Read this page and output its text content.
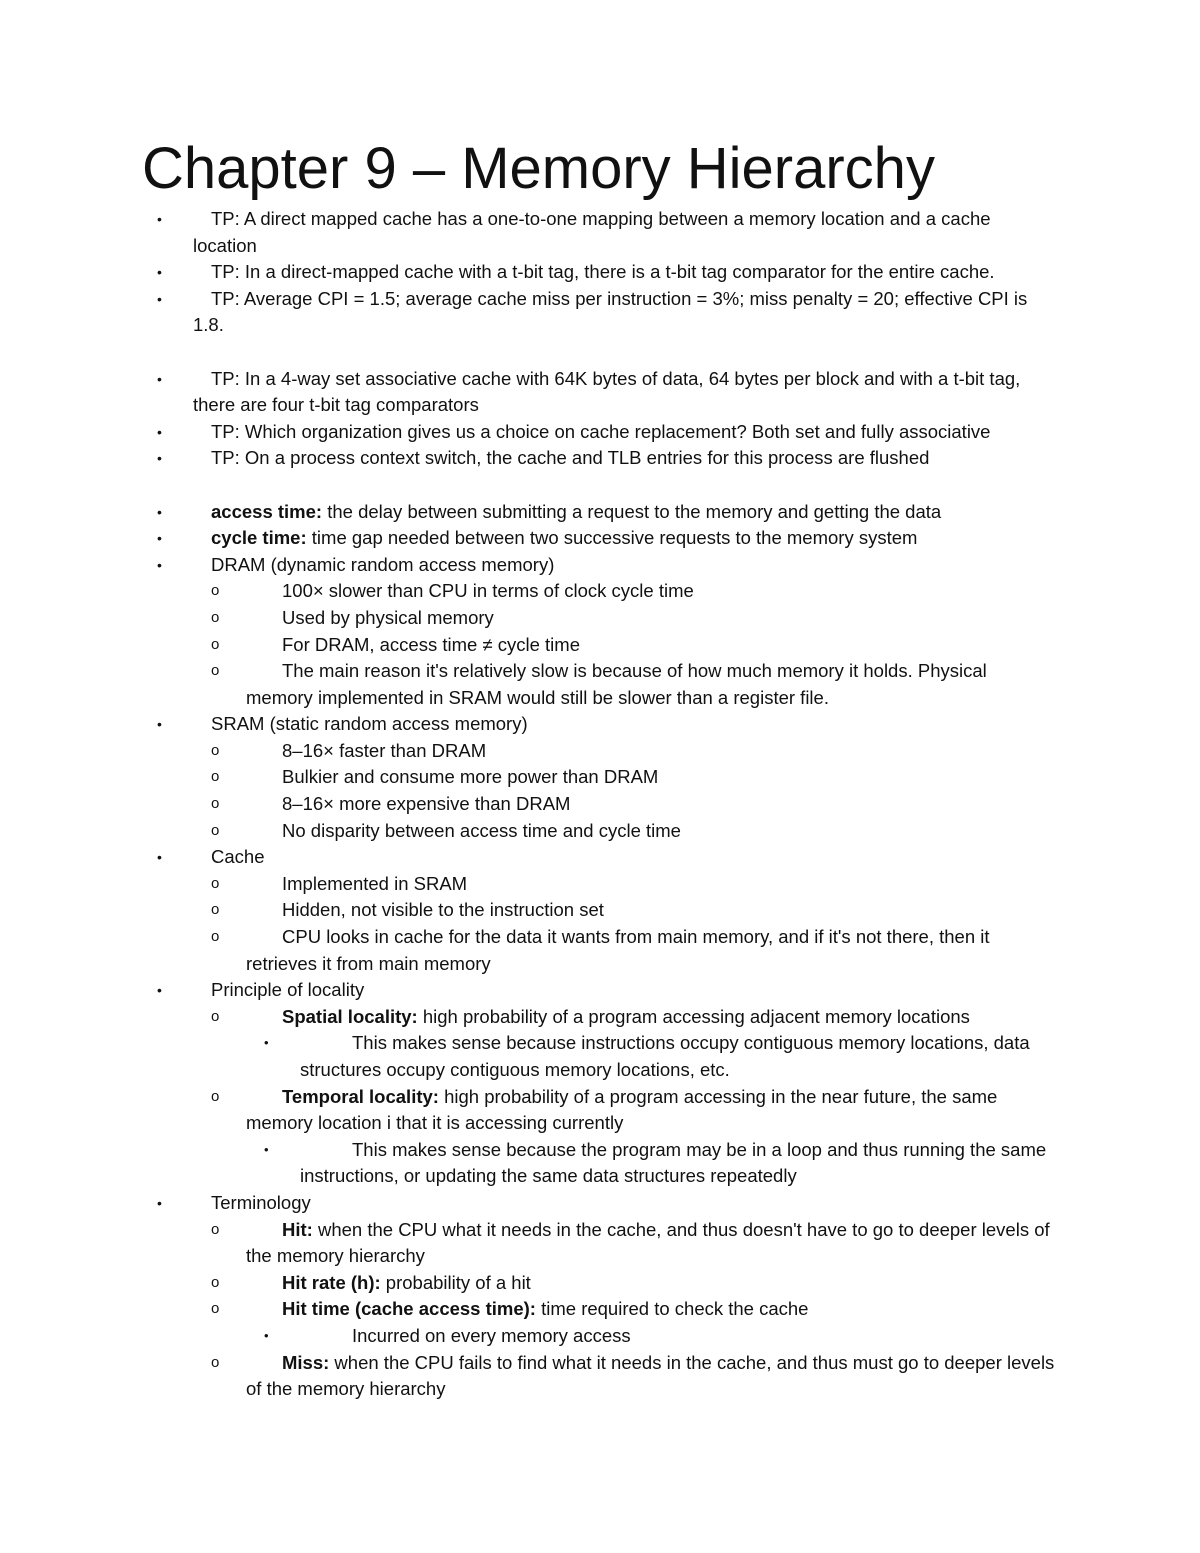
Chapter 9 – Memory Hierarchy
•	TP: A direct mapped cache has a one-to-one mapping between a memory location and a cache location
•	TP: In a direct-mapped cache with a t-bit tag, there is a t-bit tag comparator for the entire cache.
•	TP: Average CPI = 1.5; average cache miss per instruction = 3%; miss penalty = 20; effective CPI is 1.8.
•	TP: In a 4-way set associative cache with 64K bytes of data, 64 bytes per block and with a t-bit tag, there are four t-bit tag comparators
•	TP: Which organization gives us a choice on cache replacement? Both set and fully associative
•	TP: On a process context switch, the cache and TLB entries for this process are flushed
•	access time: the delay between submitting a request to the memory and getting the data
•	cycle time: time gap needed between two successive requests to the memory system
•	DRAM (dynamic random access memory)
o	100× slower than CPU in terms of clock cycle time
o	Used by physical memory
o	For DRAM, access time ≠ cycle time
o	The main reason it's relatively slow is because of how much memory it holds. Physical memory implemented in SRAM would still be slower than a register file.
•	SRAM (static random access memory)
o	8–16× faster than DRAM
o	Bulkier and consume more power than DRAM
o	8–16× more expensive than DRAM
o	No disparity between access time and cycle time
•	Cache
o	Implemented in SRAM
o	Hidden, not visible to the instruction set
o	CPU looks in cache for the data it wants from main memory, and if it's not there, then it retrieves it from main memory
•	Principle of locality
o	Spatial locality: high probability of a program accessing adjacent memory locations
•	This makes sense because instructions occupy contiguous memory locations, data structures occupy contiguous memory locations, etc.
o	Temporal locality: high probability of a program accessing in the near future, the same memory location i that it is accessing currently
•	This makes sense because the program may be in a loop and thus running the same instructions, or updating the same data structures repeatedly
•	Terminology
o	Hit: when the CPU what it needs in the cache, and thus doesn't have to go to deeper levels of the memory hierarchy
o	Hit rate (h): probability of a hit
o	Hit time (cache access time): time required to check the cache
•	Incurred on every memory access
o	Miss: when the CPU fails to find what it needs in the cache, and thus must go to deeper levels of the memory hierarchy
